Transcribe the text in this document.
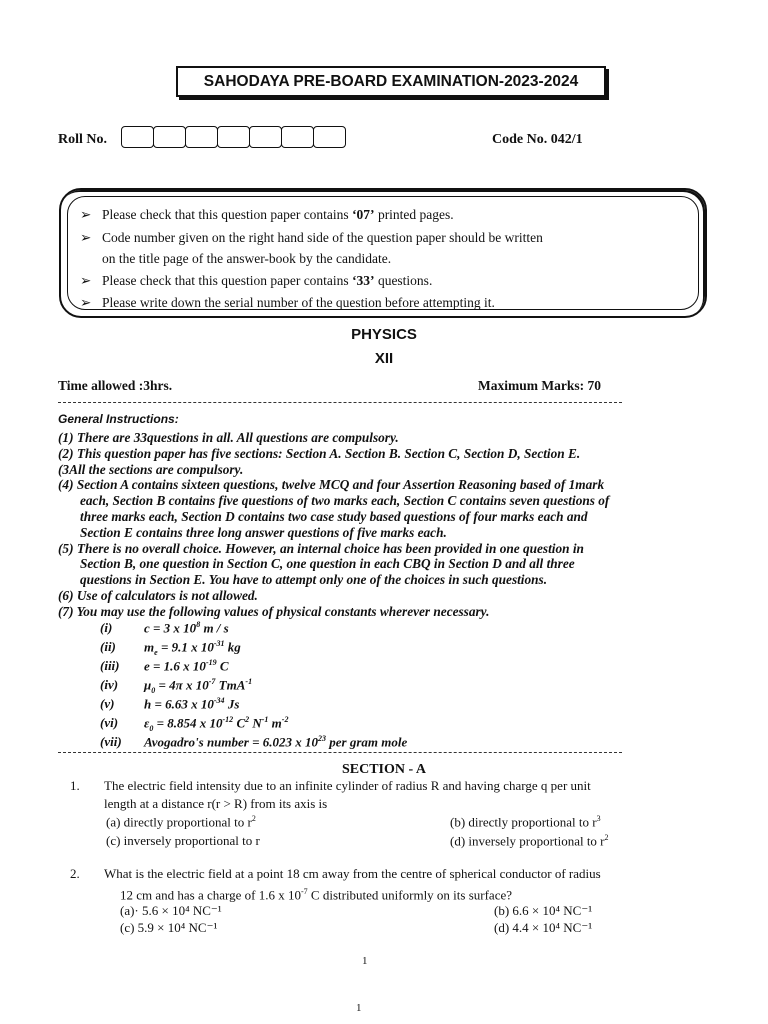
SAHODAYA PRE-BOARD EXAMINATION-2023-2024
Roll No.	Code No. 042/1
➢ Please check that this question paper contains ‘07’ printed pages.
➢ Code number given on the right hand side of the question paper should be written
on the title page of the answer-book by the candidate.
➢ Please check that this question paper contains ‘33’ questions.
➢ Please write down the serial number of the question before attempting it.
PHYSICS
XII
Time allowed :3hrs.	Maximum Marks: 70
General Instructions:
(1) There are 33questions in all. All questions are compulsory.
(2) This question paper has five sections: Section A. Section B. Section C, Section D, Section E.
(3All the sections are compulsory.
(4) Section A contains sixteen questions, twelve MCQ and four Assertion Reasoning based of 1mark
each, Section B contains five questions of two marks each, Section C contains seven questions of
three marks each, Section D contains two case study based questions of four marks each and
Section E contains three long answer questions of five marks each.
(5) There is no overall choice. However, an internal choice has been provided in one question in
Section B, one question in Section C, one question in each CBQ in Section D and all three
questions in Section E. You have to attempt only one of the choices in such questions.
(6) Use of calculators is not allowed.
(7) You may use the following values of physical constants wherever necessary.
(i) c = 3 x $10^8$ m / s
(ii) $m_e = 9.1$ x $10^{-31}$ kg
(iii) e = 1.6 x $10^{-19}$ C
(iv) $\mu_0 = 4\pi$ x $10^{-7}$ TmA$^{-1}$
(v) h = 6.63 x $10^{-34}$ Js
(vi) $\varepsilon_0 = 8.854$ x $10^{-12}$ $C^2$ $N^{-1}$ $m^{-2}$
(vii) Avogadro's number = 6.023 x $10^{23}$ per gram mole
SECTION - A
1. The electric field intensity due to an infinite cylinder of radius R and having charge q per unit
length at a distance r(r > R) from its axis is
(a) directly proportional to $r^2$	(b) directly proportional to $r^3$
(c) inversely proportional to r	(d) inversely proportional to $r^2$
2. What is the electric field at a point 18 cm away from the centre of spherical conductor of radius
12 cm and has a charge of 1.6 x $10^{-7}$ C distributed uniformly on its surface?
(a)· 5.6 × 10⁴ NC⁻¹	(b) 6.6 × 10⁴ NC⁻¹
(c) 5.9 × 10⁴ NC⁻¹	(d) 4.4 × 10⁴ NC⁻¹
1
1
